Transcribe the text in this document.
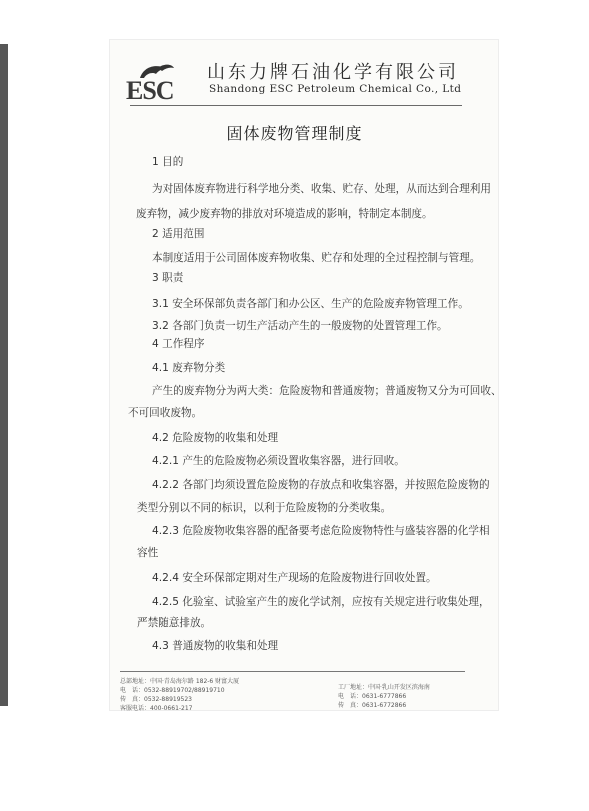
ESC
山东力牌石油化学有限公司
Shandong ESC Petroleum Chemical Co., Ltd
固体废物管理制度
1 目的
为对固体废弃物进行科学地分类、收集、贮存、处理，从而达到合理利用
废弃物，减少废弃物的排放对环境造成的影响，特制定本制度。
2 适用范围
本制度适用于公司固体废弃物收集、贮存和处理的全过程控制与管理。
3 职责
3.1 安全环保部负责各部门和办公区、生产的危险废弃物管理工作。
3.2 各部门负责一切生产活动产生的一般废物的处置管理工作。
4 工作程序
4.1 废弃物分类
产生的废弃物分为两大类：危险废物和普通废物；普通废物又分为可回收、
不可回收废物。
4.2 危险废物的收集和处理
4.2.1 产生的危险废物必须设置收集容器，进行回收。
4.2.2 各部门均须设置危险废物的存放点和收集容器，并按照危险废物的
类型分别以不同的标识，以利于危险废物的分类收集。
4.2.3 危险废物收集容器的配备要考虑危险废物特性与盛装容器的化学相
容性
4.2.4 安全环保部定期对生产现场的危险废物进行回收处置。
4.2.5 化验室、试验室产生的废化学试剂，应按有关规定进行收集处理，
严禁随意排放。
4.3 普通废物的收集和处理
总部地址：中国·青岛海尔路 182-6 财富大厦
电　话：0532-88919702/88919710
传　真：0532-88919523
客服电话：400-0661-217
工厂地址：中国·乳山开发区滨海南
电　话：0631-6777866
传　真：0631-6772866
